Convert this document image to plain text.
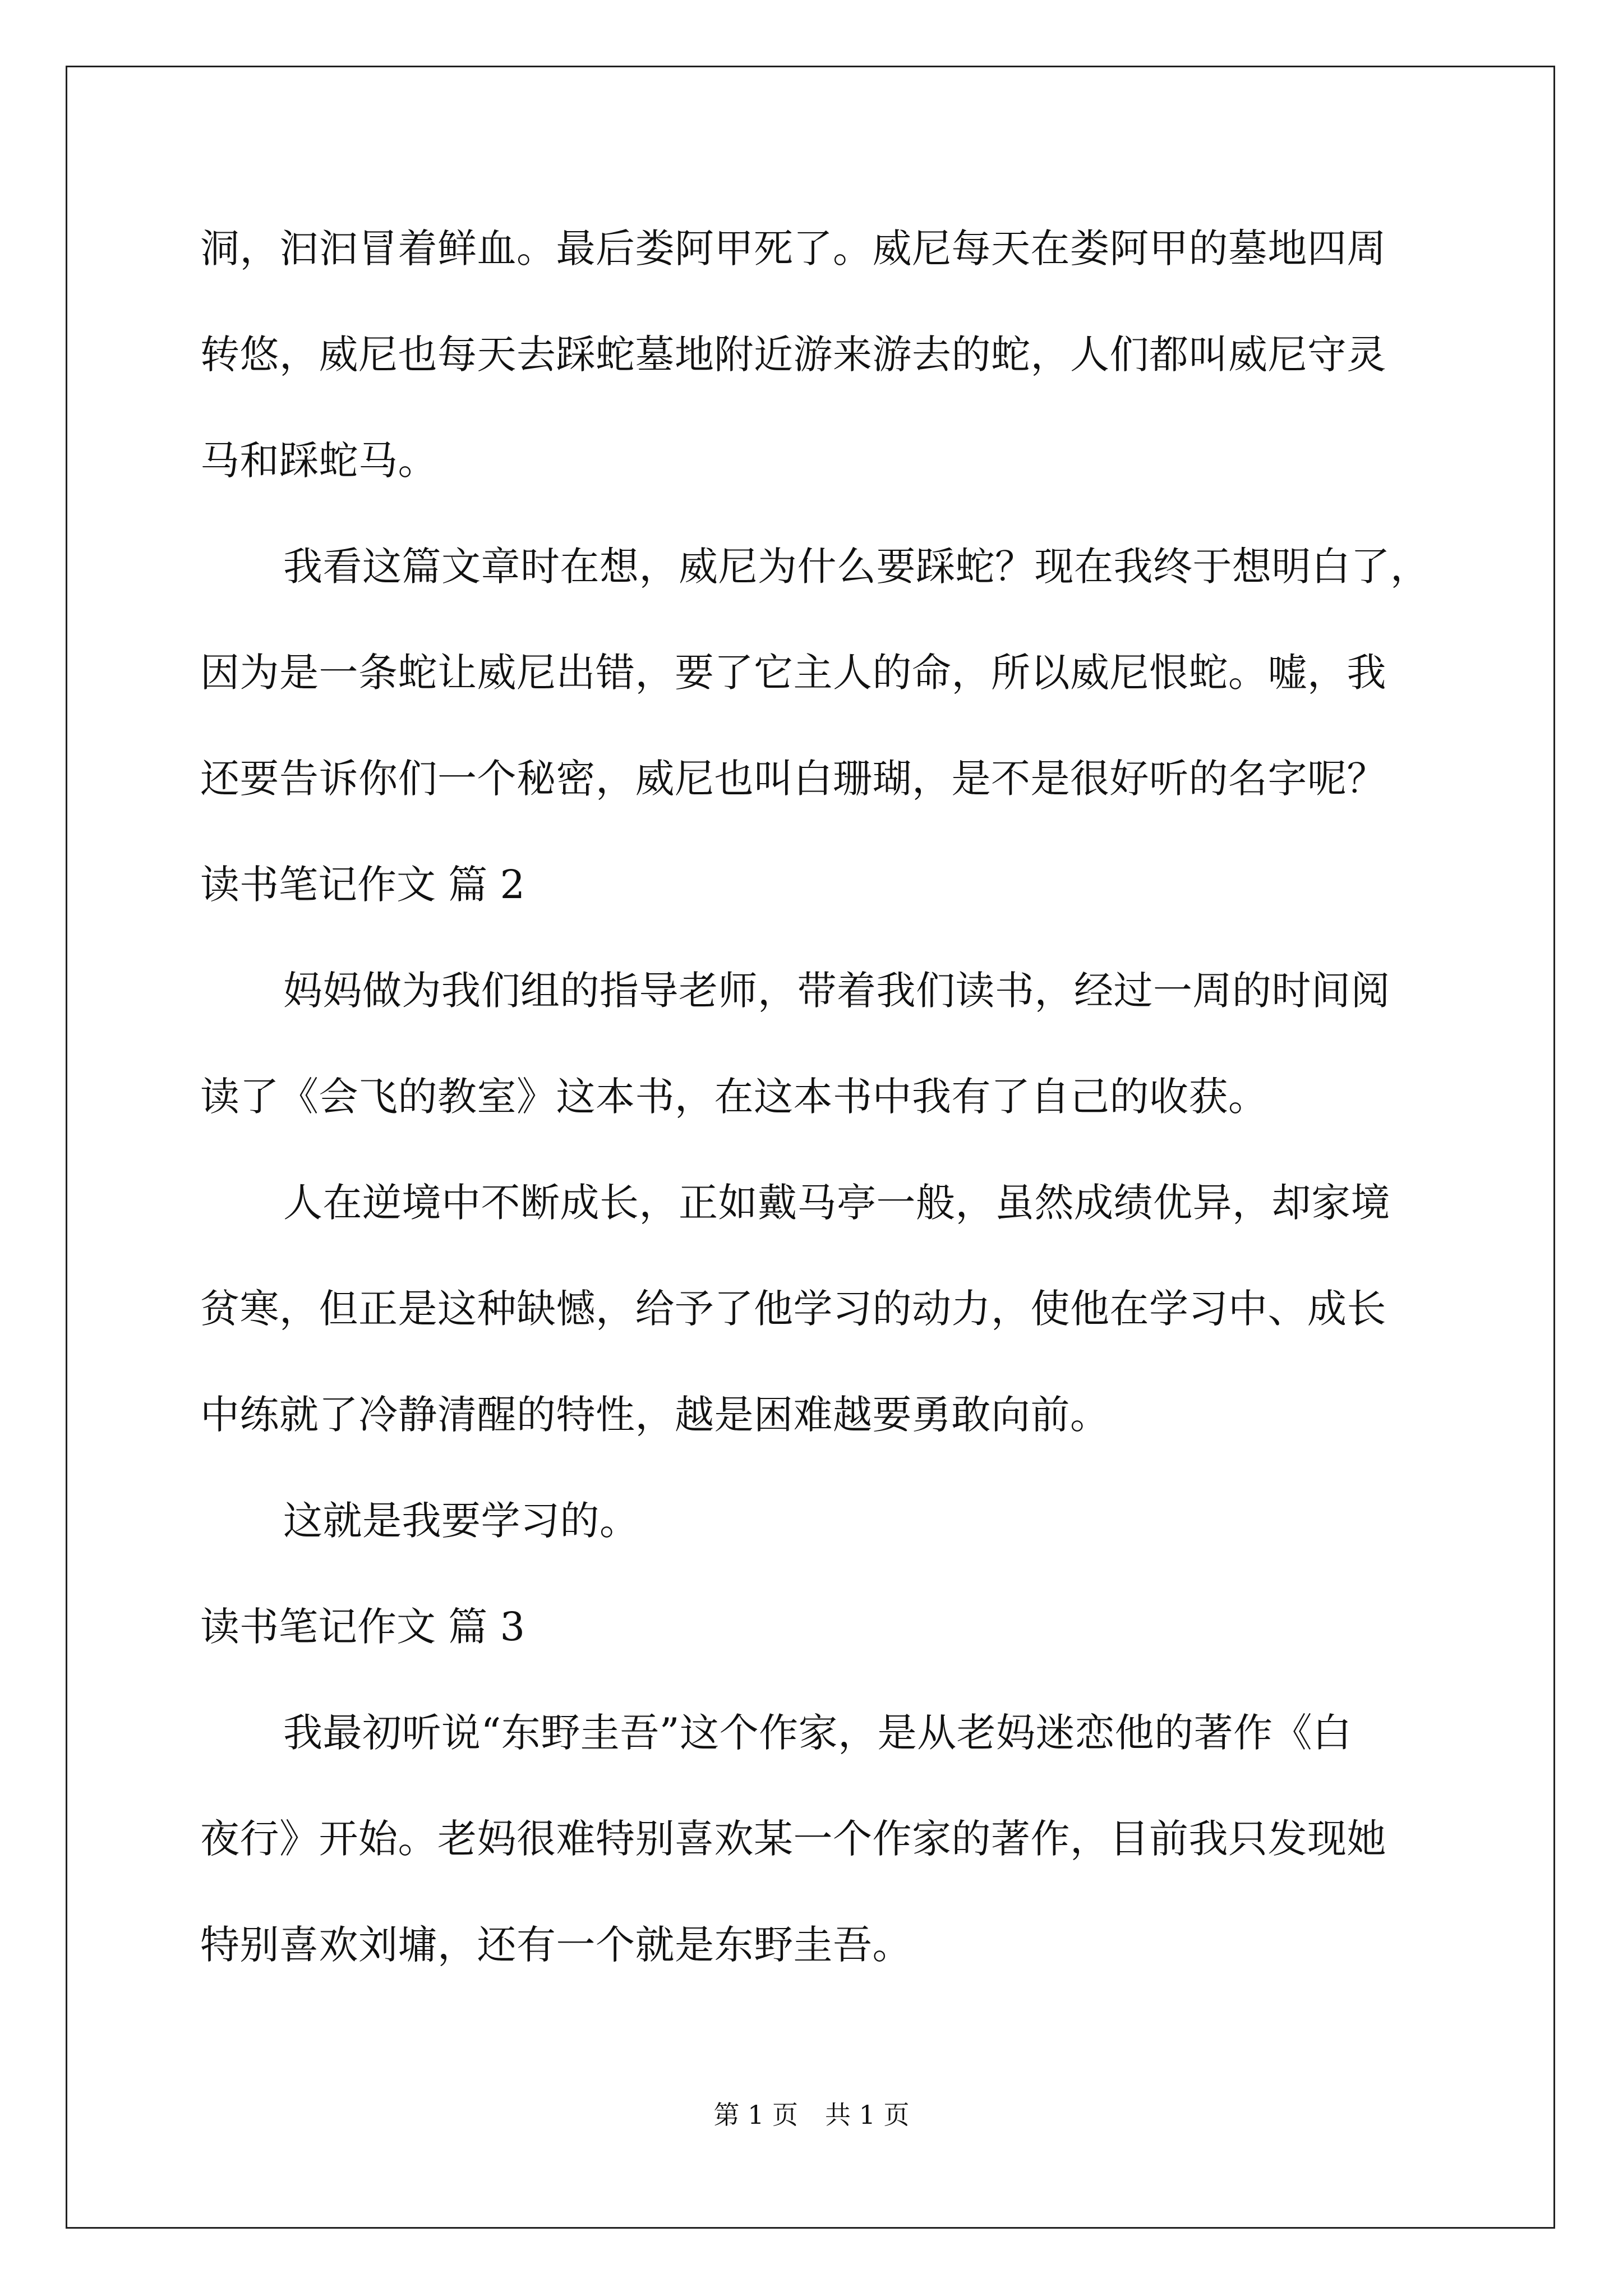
洞，汩汩冒着鲜血。最后娄阿甲死了。威尼每天在娄阿甲的墓地四周
转悠，威尼也每天去踩蛇墓地附近游来游去的蛇，人们都叫威尼守灵
马和踩蛇马。
我看这篇文章时在想，威尼为什么要踩蛇？现在我终于想明白了，
因为是一条蛇让威尼出错，要了它主人的命，所以威尼恨蛇。嘘，我
还要告诉你们一个秘密，威尼也叫白珊瑚，是不是很好听的名字呢？
读书笔记作文 篇 2
妈妈做为我们组的指导老师，带着我们读书，经过一周的时间阅
读了《会飞的教室》这本书，在这本书中我有了自己的收获。
人在逆境中不断成长，正如戴马亭一般，虽然成绩优异，却家境
贫寒，但正是这种缺憾，给予了他学习的动力，使他在学习中、成长
中练就了冷静清醒的特性，越是困难越要勇敢向前。
这就是我要学习的。
读书笔记作文 篇 3
我最初听说“东野圭吾”这个作家，是从老妈迷恋他的著作《白
夜行》开始。老妈很难特别喜欢某一个作家的著作，目前我只发现她
特别喜欢刘墉，还有一个就是东野圭吾。
第 1 页 共 1 页
